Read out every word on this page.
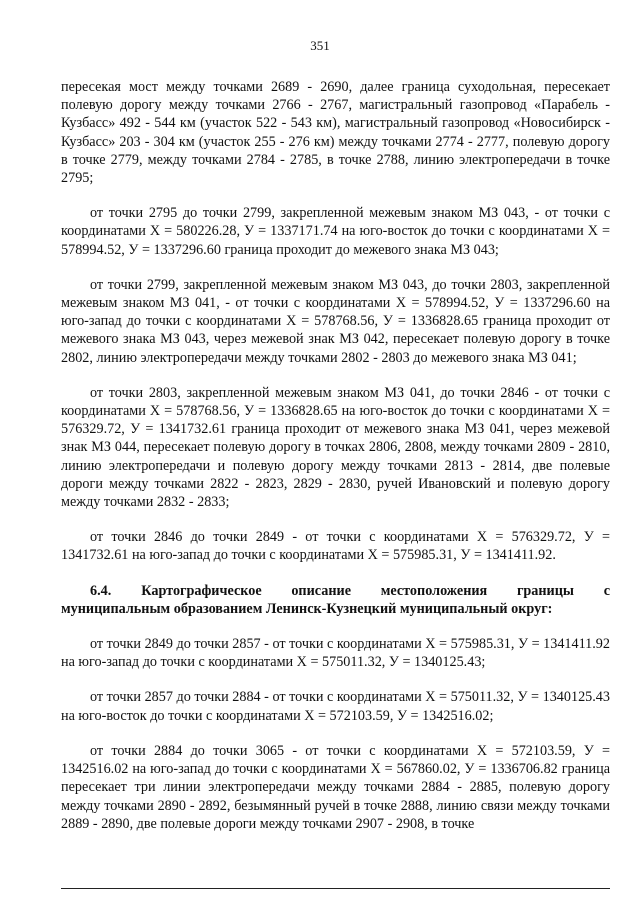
351

пересекая мост между точками 2689 - 2690, далее граница суходольная, пересекает полевую дорогу между точками 2766 - 2767, магистральный газопровод «Парабель - Кузбасс» 492 - 544 км (участок 522 - 543 км), магистральный газопровод «Новосибирск - Кузбасс» 203 - 304 км (участок 255 - 276 км) между точками 2774 - 2777, полевую дорогу в точке 2779, между точками 2784 - 2785, в точке 2788, линию электропередачи в точке 2795;

от точки 2795 до точки 2799, закрепленной межевым знаком МЗ 043, - от точки с координатами Х = 580226.28, У = 1337171.74 на юго-восток до точки с координатами Х = 578994.52, У = 1337296.60 граница проходит до межевого знака МЗ 043;

от точки 2799, закрепленной межевым знаком МЗ 043, до точки 2803, закрепленной межевым знаком МЗ 041, - от точки с координатами Х = 578994.52, У = 1337296.60 на юго-запад до точки с координатами Х = 578768.56, У = 1336828.65 граница проходит от межевого знака МЗ 043, через межевой знак МЗ 042, пересекает полевую дорогу в точке 2802, линию электропередачи между точками 2802 - 2803 до межевого знака МЗ 041;

от точки 2803, закрепленной межевым знаком МЗ 041, до точки 2846 - от точки с координатами Х = 578768.56, У = 1336828.65 на юго-восток до точки с координатами Х = 576329.72, У = 1341732.61 граница проходит от межевого знака МЗ 041, через межевой знак МЗ 044, пересекает полевую дорогу в точках 2806, 2808, между точками 2809 - 2810, линию электропередачи и полевую дорогу между точками 2813 - 2814, две полевые дороги между точками 2822 - 2823, 2829 - 2830, ручей Ивановский и полевую дорогу между точками 2832 - 2833;

от точки 2846 до точки 2849 - от точки с координатами Х = 576329.72, У = 1341732.61 на юго-запад до точки с координатами Х = 575985.31, У = 1341411.92.

6.4. Картографическое описание местоположения границы с муниципальным образованием Ленинск-Кузнецкий муниципальный округ:

от точки 2849 до точки 2857 - от точки с координатами Х = 575985.31, У = 1341411.92 на юго-запад до точки с координатами Х = 575011.32, У = 1340125.43;

от точки 2857 до точки 2884 - от точки с координатами Х = 575011.32, У = 1340125.43 на юго-восток до точки с координатами Х = 572103.59, У = 1342516.02;

от точки 2884 до точки 3065 - от точки с координатами Х = 572103.59, У = 1342516.02 на юго-запад до точки с координатами Х = 567860.02, У = 1336706.82 граница пересекает три линии электропередачи между точками 2884 - 2885, полевую дорогу между точками 2890 - 2892, безымянный ручей в точке 2888, линию связи между точками 2889 - 2890, две полевые дороги между точками 2907 - 2908, в точке
